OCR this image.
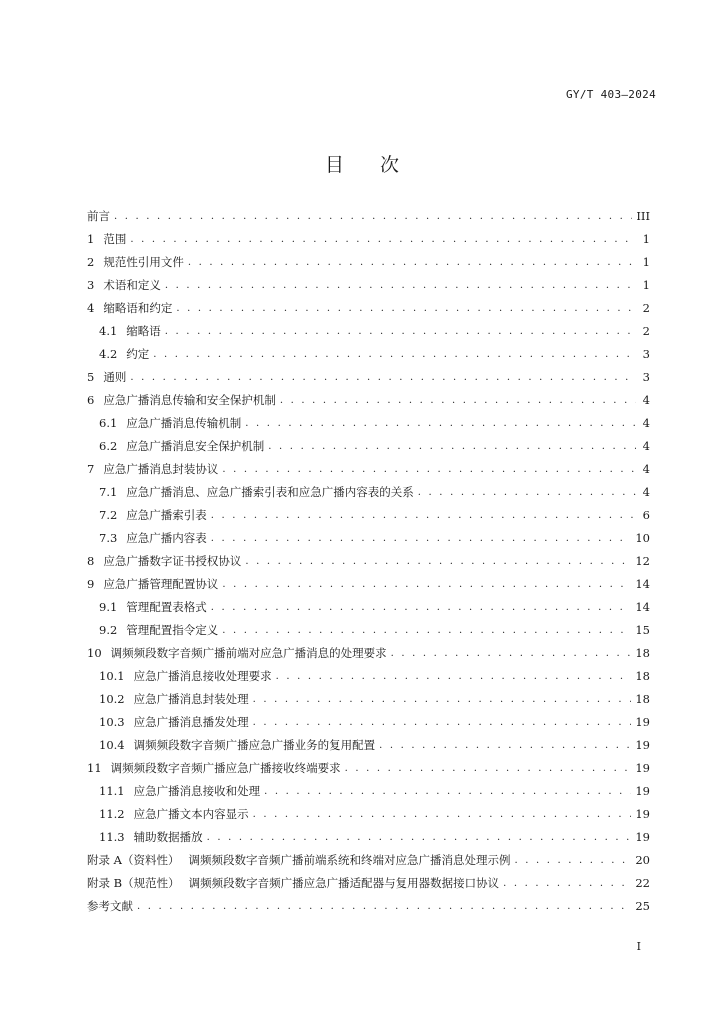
GY/T 403—2024
目次
前言 . . .	III
1 范围 . . .	1
2 规范性引用文件 . . .	1
3 术语和定义 . . .	1
4 缩略语和约定 . . .	2
4.1 缩略语 . . .	2
4.2 约定 . . .	3
5 通则 . . .	3
6 应急广播消息传输和安全保护机制 . . .	4
6.1 应急广播消息传输机制 . . .	4
6.2 应急广播消息安全保护机制 . . .	4
7 应急广播消息封装协议 . . .	4
7.1 应急广播消息、应急广播索引表和应急广播内容表的关系 . . .	4
7.2 应急广播索引表 . . .	6
7.3 应急广播内容表 . . .	10
8 应急广播数字证书授权协议 . . .	12
9 应急广播管理配置协议 . . .	14
9.1 管理配置表格式 . . .	14
9.2 管理配置指令定义 . . .	15
10 调频频段数字音频广播前端对应急广播消息的处理要求 . . .	18
10.1 应急广播消息接收处理要求 . . .	18
10.2 应急广播消息封装处理 . . .	18
10.3 应急广播消息播发处理 . . .	19
10.4 调频频段数字音频广播应急广播业务的复用配置 . . .	19
11 调频频段数字音频广播应急广播接收终端要求 . . .	19
11.1 应急广播消息接收和处理 . . .	19
11.2 应急广播文本内容显示 . . .	19
11.3 辅助数据播放 . . .	19
附录 A（资料性） 调频频段数字音频广播前端系统和终端对应急广播消息处理示例 . . .	20
附录 B（规范性） 调频频段数字音频广播应急广播适配器与复用器数据接口协议 . . .	22
参考文献 . . .	25
I
